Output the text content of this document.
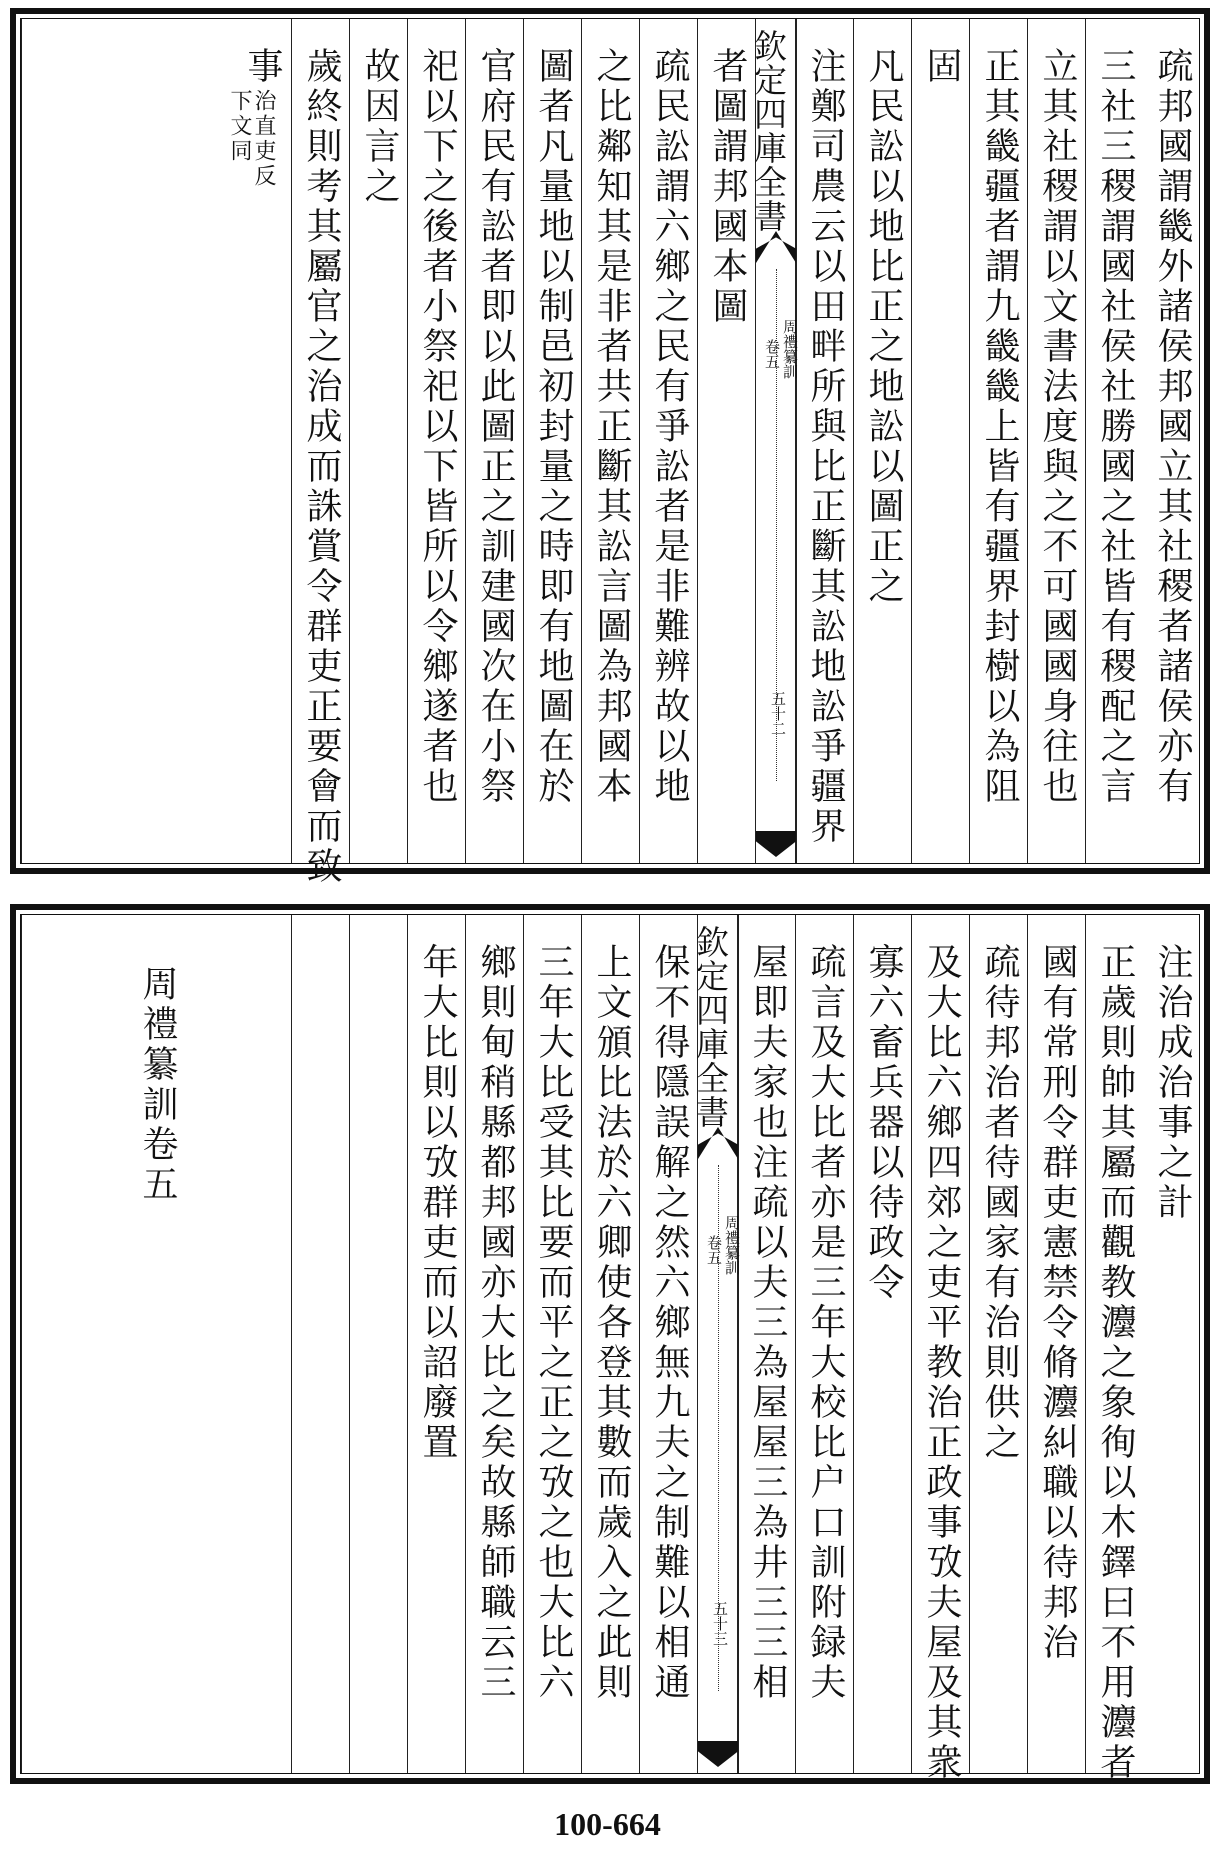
疏邦國謂畿外諸侯邦國立其社稷者諸侯亦有
三社三稷謂國社侯社勝國之社皆有稷配之言
立其社稷謂以文書法度與之不可國國身往也
正其畿疆者謂九畿畿上皆有疆界封樹以為阻
固
凡民訟以地比正之地訟以圖正之
注鄭司農云以田畔所與比正斷其訟地訟爭疆界
欽定四庫全書
卷五 周禮纂訓
五十二
者圖謂邦國本圖
疏民訟謂六鄉之民有爭訟者是非難辨故以地
之比鄰知其是非者共正斷其訟言圖為邦國本
圖者凡量地以制邑初封量之時即有地圖在於
官府民有訟者即以此圖正之訓建國次在小祭
祀以下之後者小祭祀以下皆所以令鄉遂者也
故因言之
歲終則考其屬官之治成而誅賞令群吏正要會而致
事
治直吏反
下文同
注治成治事之計
正歲則帥其屬而觀教灋之象徇以木鐸曰不用灋者
國有常刑令群吏憲禁令脩灋糾職以待邦治
疏待邦治者待國家有治則供之
及大比六鄉四郊之吏平教治正政事攷夫屋及其衆
寡六畜兵器以待政令
疏言及大比者亦是三年大校比户口訓附録夫
屋即夫家也注疏以夫三為屋屋三為井三三相
欽定四庫全書
卷五 周禮纂訓
五十三
保不得隱誤解之然六鄉無九夫之制難以相通
上文頒比法於六卿使各登其數而歲入之此則
三年大比受其比要而平之正之攷之也大比六
鄉則甸稍縣都邦國亦大比之矣故縣師職云三
年大比則以攷群吏而以詔廢置
周禮纂訓卷五
100-664
